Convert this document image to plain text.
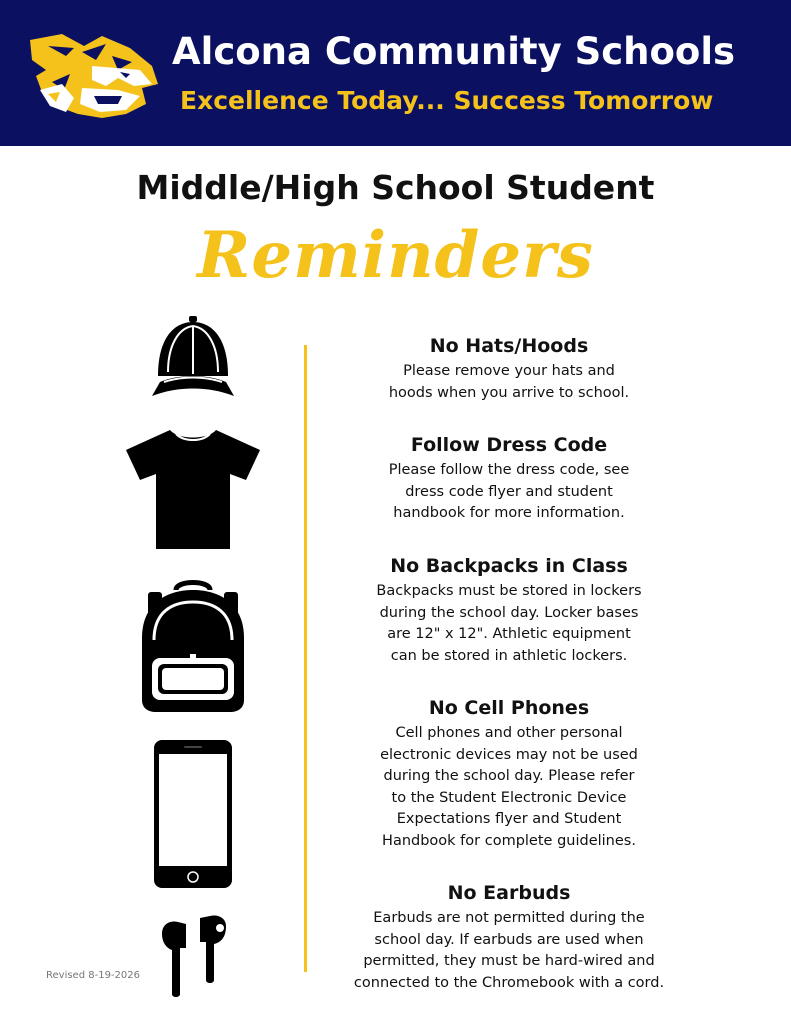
Alcona Community Schools
Excellence Today... Success Tomorrow
Middle/High School Student
Reminders
No Hats/Hoods
Please remove your hats and
hoods when you arrive to school.
Follow Dress Code
Please follow the dress code, see
dress code flyer and student
handbook for more information.
No Backpacks in Class
Backpacks must be stored in lockers
during the school day. Locker bases
are 12" x 12". Athletic equipment
can be stored in athletic lockers.
No Cell Phones
Cell phones and other personal
electronic devices may not be used
during the school day. Please refer
to the Student Electronic Device
Expectations flyer and Student
Handbook for complete guidelines.
No Earbuds
Earbuds are not permitted during the
school day. If earbuds are used when
permitted, they must be hard-wired and
connected to the Chromebook with a cord.
Revised 8-19-2026
